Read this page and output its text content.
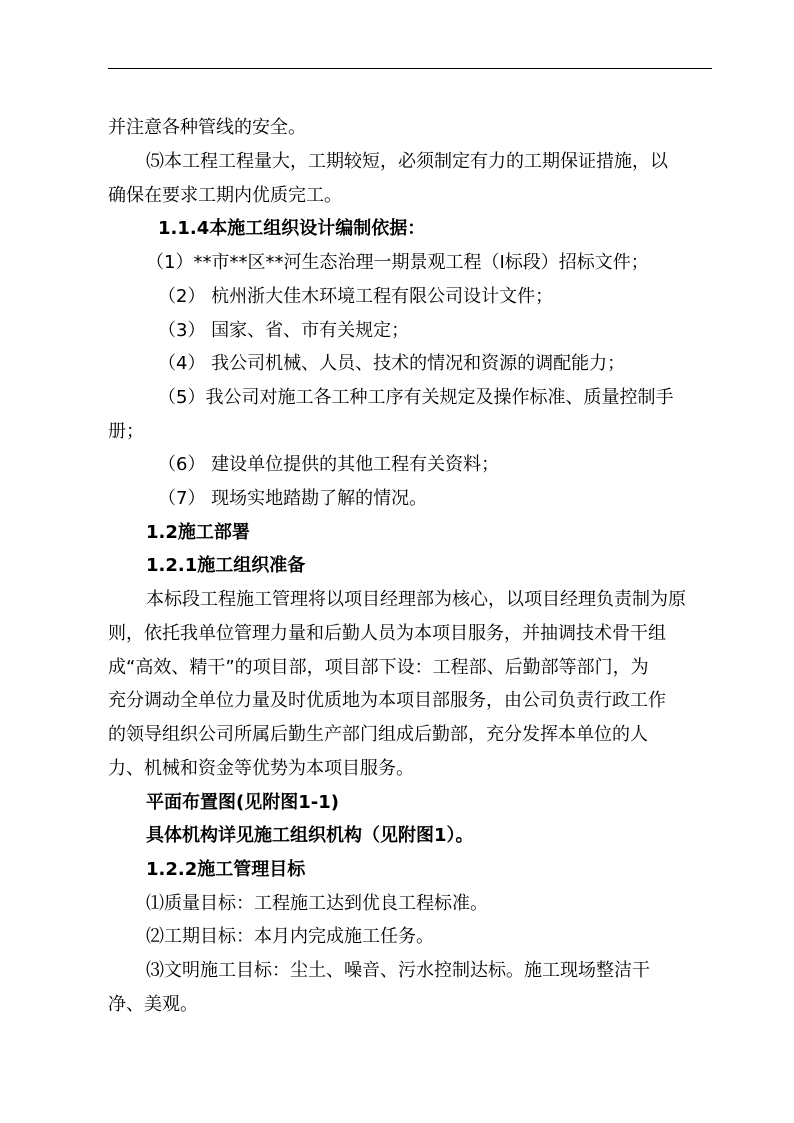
并注意各种管线的安全。
⑸本工程工程量大，工期较短，必须制定有力的工期保证措施，以
确保在要求工期内优质完工。
1.1.4本施工组织设计编制依据：
（1）**市**区**河生态治理一期景观工程（Ⅰ标段）招标文件；
（2） 杭州浙大佳木环境工程有限公司设计文件；
（3） 国家、省、市有关规定；
（4） 我公司机械、人员、技术的情况和资源的调配能力；
（5）我公司对施工各工种工序有关规定及操作标准、质量控制手
册；
（6） 建设单位提供的其他工程有关资料；
（7） 现场实地踏勘了解的情况。
1.2施工部署
1.2.1施工组织准备
本标段工程施工管理将以项目经理部为核心，以项目经理负责制为原
则，依托我单位管理力量和后勤人员为本项目服务，并抽调技术骨干组
成“高效、精干”的项目部，项目部下设：工程部、后勤部等部门，为
充分调动全单位力量及时优质地为本项目部服务，由公司负责行政工作
的领导组织公司所属后勤生产部门组成后勤部，充分发挥本单位的人
力、机械和资金等优势为本项目服务。
平面布置图(见附图1-1)
具体机构详见施工组织机构（见附图1）。
1.2.2施工管理目标
⑴质量目标：工程施工达到优良工程标准。
⑵工期目标：本月内完成施工任务。
⑶文明施工目标：尘土、噪音、污水控制达标。施工现场整洁干
净、美观。
